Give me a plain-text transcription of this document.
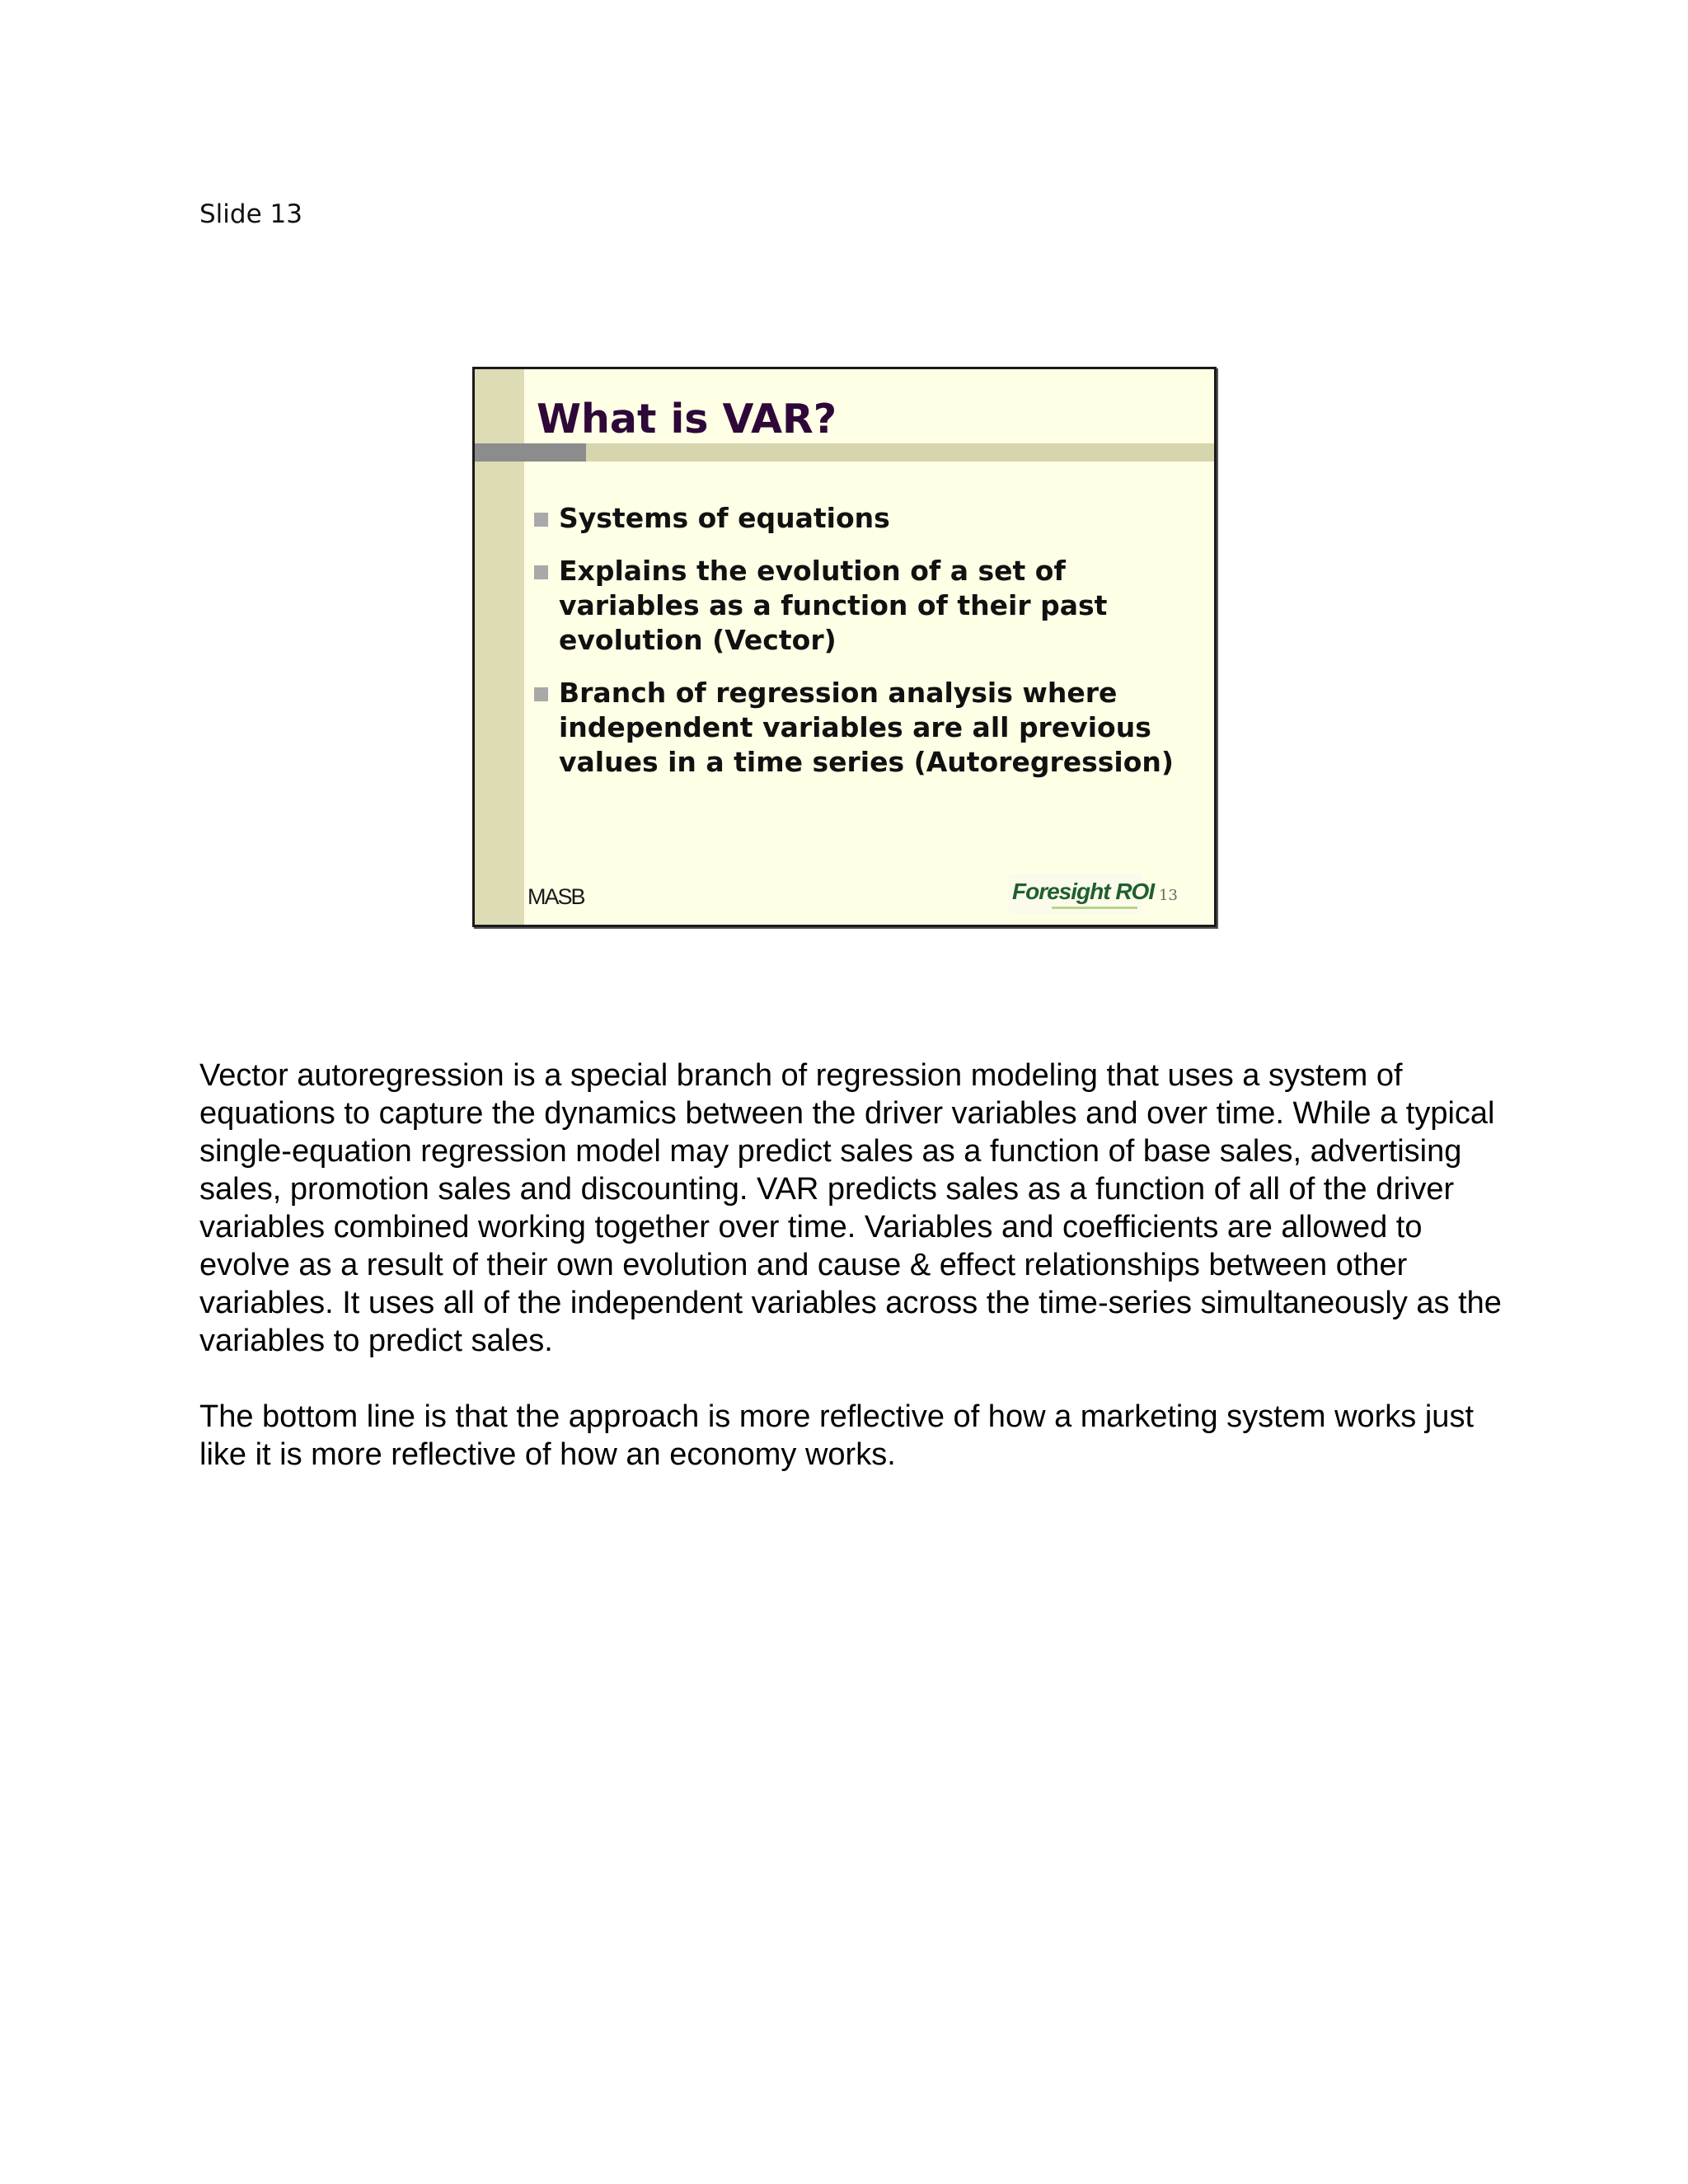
Slide 13
What is VAR?
Systems of equations
Explains the evolution of a set of variables as a function of their past evolution (Vector)
Branch of regression analysis where independent variables are all previous values in a time series (Autoregression)
MASB	Foresight ROI 13

Vector autoregression is a special branch of regression modeling that uses a system of equations to capture the dynamics between the driver variables and over time. While a typical single-equation regression model may predict sales as a function of base sales, advertising sales, promotion sales and discounting. VAR predicts sales as a function of all of the driver variables combined working together over time. Variables and coefficients are allowed to evolve as a result of their own evolution and cause & effect relationships between other variables. It uses all of the independent variables across the time-series simultaneously as the variables to predict sales.

The bottom line is that the approach is more reflective of how a marketing system works just like it is more reflective of how an economy works.
